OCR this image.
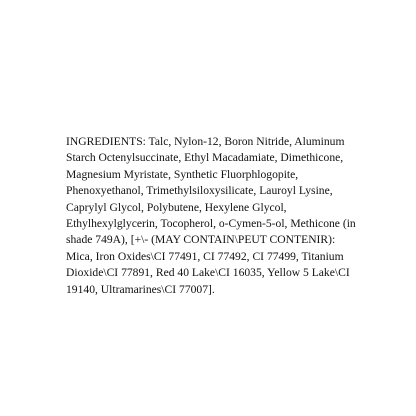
INGREDIENTS: Talc, Nylon-12, Boron Nitride, Aluminum
Starch Octenylsuccinate, Ethyl Macadamiate, Dimethicone,
Magnesium Myristate, Synthetic Fluorphlogopite,
Phenoxyethanol, Trimethylsiloxysilicate, Lauroyl Lysine,
Caprylyl Glycol, Polybutene, Hexylene Glycol,
Ethylhexylglycerin, Tocopherol, o-Cymen-5-ol, Methicone (in
shade 749A), [+\- (MAY CONTAIN\PEUT CONTENIR):
Mica, Iron Oxides\CI 77491, CI 77492, CI 77499, Titanium
Dioxide\CI 77891, Red 40 Lake\CI 16035, Yellow 5 Lake\CI
19140, Ultramarines\CI 77007].
